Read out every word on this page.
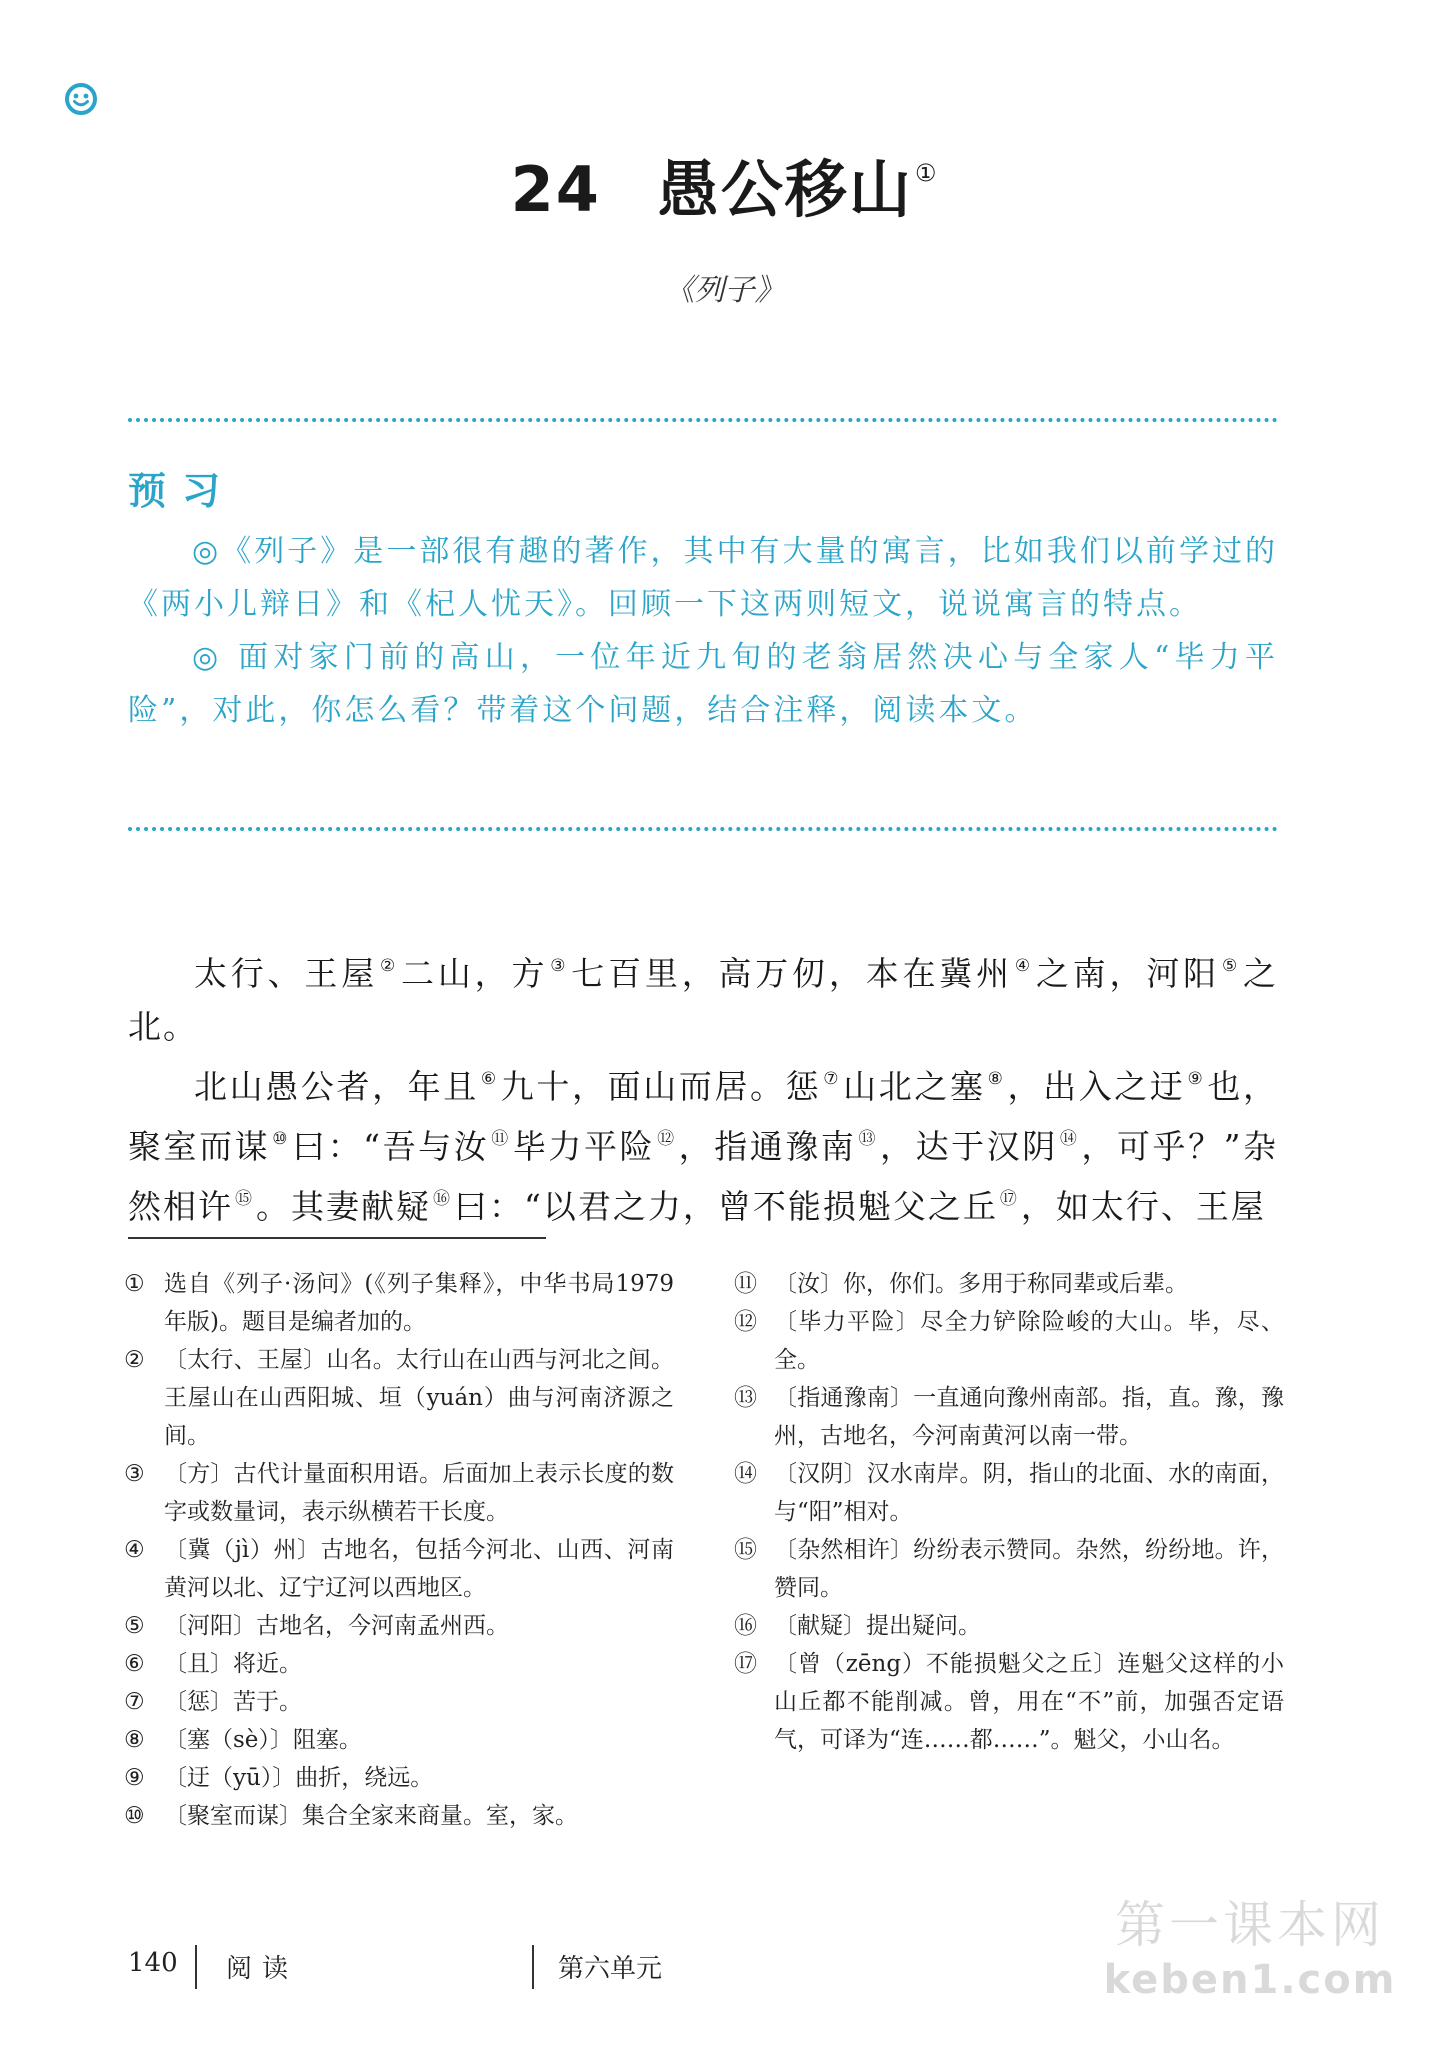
24 愚公移山①
《列子》
预习

◎《列子》是一部很有趣的著作，其中有大量的寓言，比如我们以前学过的《两小儿辩日》和《杞人忧天》。回顾一下这两则短文，说说寓言的特点。

◎ 面对家门前的高山，一位年近九旬的老翁居然决心与全家人“毕力平险”，对此，你怎么看？带着这个问题，结合注释，阅读本文。

太行、王屋 ②二山，方 ③七百里，高万仞，本在冀州 ④之南，河阳 ⑤之北。

北山愚公者，年且 ⑥九十，面山而居。惩 ⑦山北之塞 ⑧，出入之迂 ⑨也，聚室而谋 ⑩曰：“吾与汝 ⑪毕力平险 ⑫，指通豫南 ⑬，达于汉阴 ⑭，可乎？”杂然相许 ⑮。其妻献疑 ⑯曰：“以君之力，曾不能损魁父之丘 ⑰，如太行、王屋

① 选自《列子·汤问》(《列子集释》，中华书局1979年版)。题目是编者加的。
② 〔太行、王屋〕山名。太行山在山西与河北之间。王屋山在山西阳城、垣（yuán）曲与河南济源之间。
③ 〔方〕古代计量面积用语。后面加上表示长度的数字或数量词，表示纵横若干长度。
④ 〔冀（jì）州〕古地名，包括今河北、山西、河南黄河以北、辽宁辽河以西地区。
⑤ 〔河阳〕古地名，今河南孟州西。
⑥ 〔且〕将近。
⑦ 〔惩〕苦于。
⑧ 〔塞（sè）〕阻塞。
⑨ 〔迂（yū）〕曲折，绕远。
⑩ 〔聚室而谋〕集合全家来商量。室，家。
⑪ 〔汝〕你，你们。多用于称同辈或后辈。
⑫ 〔毕力平险〕尽全力铲除险峻的大山。毕，尽、全。
⑬ 〔指通豫南〕一直通向豫州南部。指，直。豫，豫州，古地名，今河南黄河以南一带。
⑭ 〔汉阴〕汉水南岸。阴，指山的北面、水的南面，与“阳”相对。
⑮ 〔杂然相许〕纷纷表示赞同。杂然，纷纷地。许，赞同。
⑯ 〔献疑〕提出疑问。
⑰ 〔曾（zēng）不能损魁父之丘〕连魁父这样的小山丘都不能削减。曾，用在“不”前，加强否定语气，可译为“连……都……”。魁父，小山名。
140 阅读	第六单元
第一课本网
keben1.com
